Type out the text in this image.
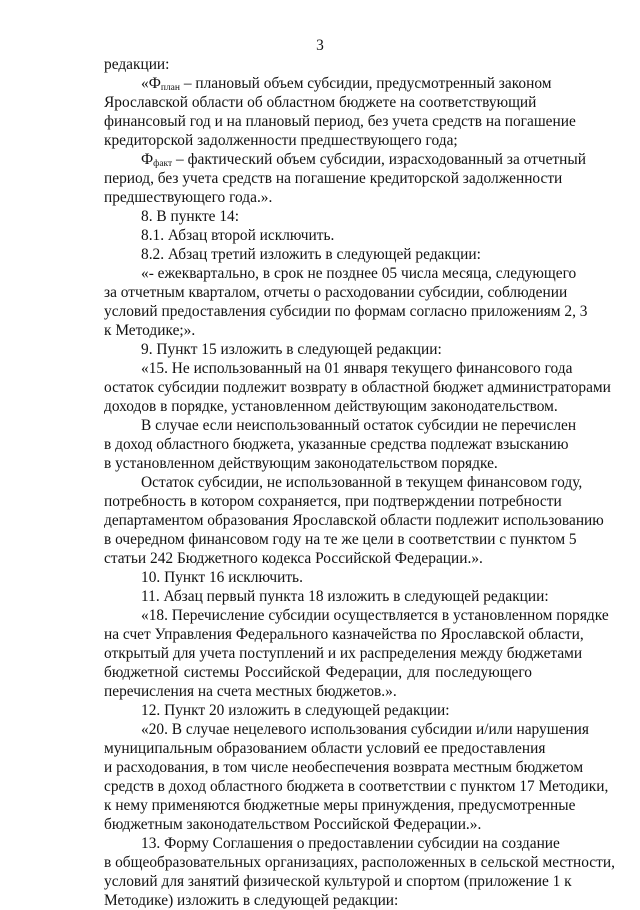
3
редакции:
«$Ф_{план}$ – плановый объем субсидии, предусмотренный законом
Ярославской области об областном бюджете на соответствующий
финансовый год и на плановый период, без учета средств на погашение
кредиторской задолженности предшествующего года;
$Ф_{факт}$ – фактический объем субсидии, израсходованный за отчетный
период, без учета средств на погашение кредиторской задолженности
предшествующего года.».
8. В пункте 14:
8.1. Абзац второй исключить.
8.2. Абзац третий изложить в следующей редакции:
«- ежеквартально, в срок не позднее 05 числа месяца, следующего
за отчетным кварталом, отчеты о расходовании субсидии, соблюдении
условий предоставления субсидии по формам согласно приложениям 2, 3
к Методике;».
9. Пункт 15 изложить в следующей редакции:
«15. Не использованный на 01 января текущего финансового года
остаток субсидии подлежит возврату в областной бюджет администраторами
доходов в порядке, установленном действующим законодательством.
В случае если неиспользованный остаток субсидии не перечислен
в доход областного бюджета, указанные средства подлежат взысканию
в установленном действующим законодательством порядке.
Остаток субсидии, не использованной в текущем финансовом году,
потребность в котором сохраняется, при подтверждении потребности
департаментом образования Ярославской области подлежит использованию
в очередном финансовом году на те же цели в соответствии с пунктом 5
статьи 242 Бюджетного кодекса Российской Федерации.».
10. Пункт 16 исключить.
11. Абзац первый пункта 18 изложить в следующей редакции:
«18. Перечисление субсидии осуществляется в установленном порядке
на счет Управления Федерального казначейства по Ярославской области,
открытый для учета поступлений и их распределения между бюджетами
бюджетной системы Российской Федерации, для последующего
перечисления на счета местных бюджетов.».
12. Пункт 20 изложить в следующей редакции:
«20. В случае нецелевого использования субсидии и/или нарушения
муниципальным образованием области условий ее предоставления
и расходования, в том числе необеспечения возврата местным бюджетом
средств в доход областного бюджета в соответствии с пунктом 17 Методики,
к нему применяются бюджетные меры принуждения, предусмотренные
бюджетным законодательством Российской Федерации.».
13. Форму Соглашения о предоставлении субсидии на создание
в общеобразовательных организациях, расположенных в сельской местности,
условий для занятий физической культурой и спортом (приложение 1 к
Методике) изложить в следующей редакции:
